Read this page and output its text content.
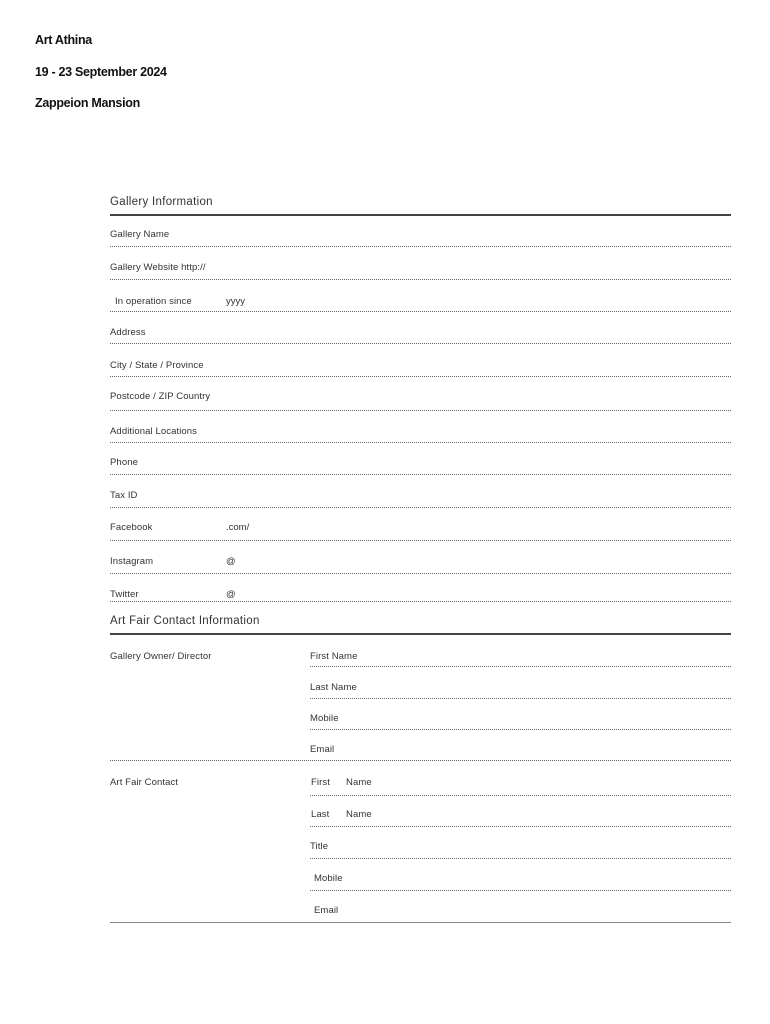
Art Athina
19 - 23 September 2024
Zappeion Mansion
Gallery Information
Gallery Name
Gallery Website http://
In operation since	yyyy
Address
City / State / Province
Postcode / ZIP Country
Additional Locations
Phone
Tax ID
Facebook	.com/
Instagram	@
Twitter	@
Art Fair Contact Information
Gallery Owner/ Director	First Name
Last Name
Mobile
Email
Art Fair Contact	First Name
Last Name
Title
Mobile
Email
